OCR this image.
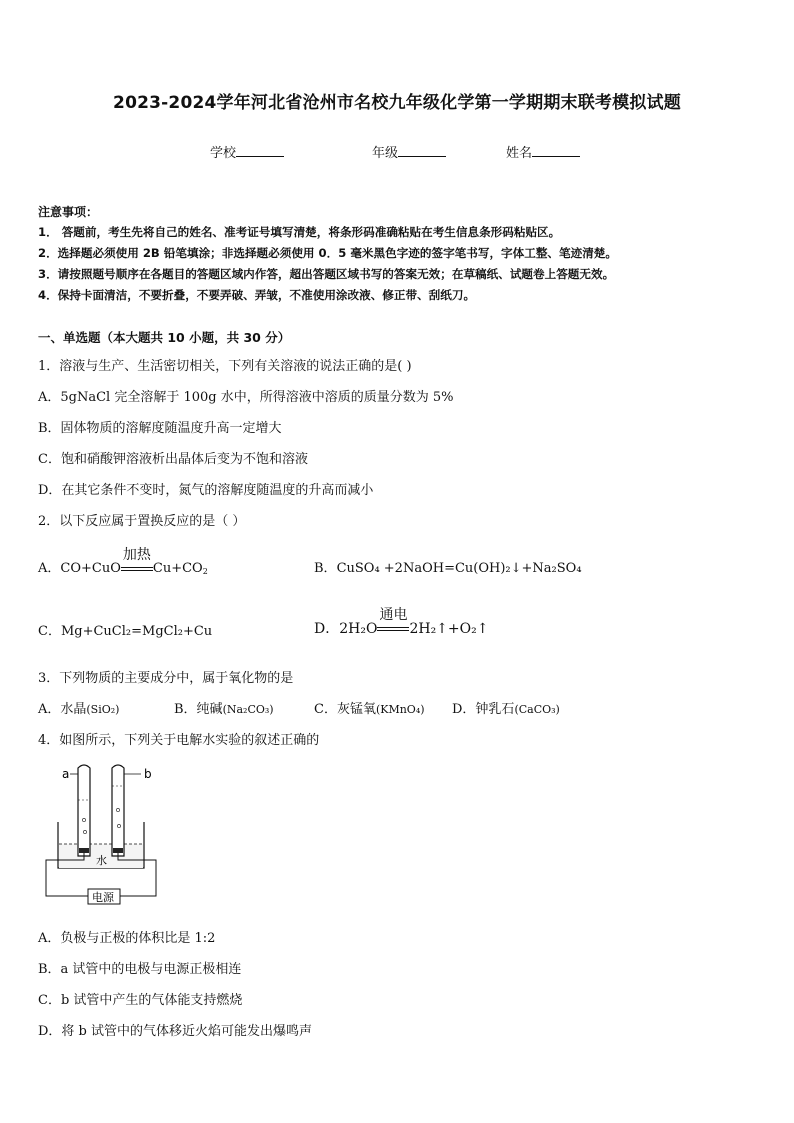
2023-2024学年河北省沧州市名校九年级化学第一学期期末联考模拟试题
学校	年级	姓名
注意事项：
1． 答题前，考生先将自己的姓名、准考证号填写清楚，将条形码准确粘贴在考生信息条形码粘贴区。
2．选择题必须使用 2B 铅笔填涂；非选择题必须使用 0．5 毫米黑色字迹的签字笔书写，字体工整、笔迹清楚。
3．请按照题号顺序在各题目的答题区域内作答，超出答题区域书写的答案无效；在草稿纸、试题卷上答题无效。
4．保持卡面清洁，不要折叠，不要弄破、弄皱，不准使用涂改液、修正带、刮纸刀。
一、单选题（本大题共 10 小题，共 30 分）
1．溶液与生产、生活密切相关，下列有关溶液的说法正确的是( )
A．5gNaCl 完全溶解于 100g 水中，所得溶液中溶质的质量分数为 5%
B．固体物质的溶解度随温度升高一定增大
C．饱和硝酸钾溶液析出晶体后变为不饱和溶液
D．在其它条件不变时，氮气的溶解度随温度的升高而减小
2．以下反应属于置换反应的是（ ）
A．CO+CuO
加热
$Cu+CO_2$	B．CuSO₄ +2NaOH=Cu(OH)₂↓+Na₂SO₄
C．Mg+CuCl₂=MgCl₂+Cu	D．2H₂O
通电
2H₂↑+O₂↑
3．下列物质的主要成分中，属于氧化物的是
A．水晶(SiO₂)	B．纯碱(Na₂CO₃)	C．灰锰氧(KMnO₄) D．钟乳石(CaCO₃)
4．如图所示，下列关于电解水实验的叙述正确的
a	b
水
电源
A．负极与正极的体积比是 1:2
B．a 试管中的电极与电源正极相连
C．b 试管中产生的气体能支持燃烧
D．将 b 试管中的气体移近火焰可能发出爆鸣声
